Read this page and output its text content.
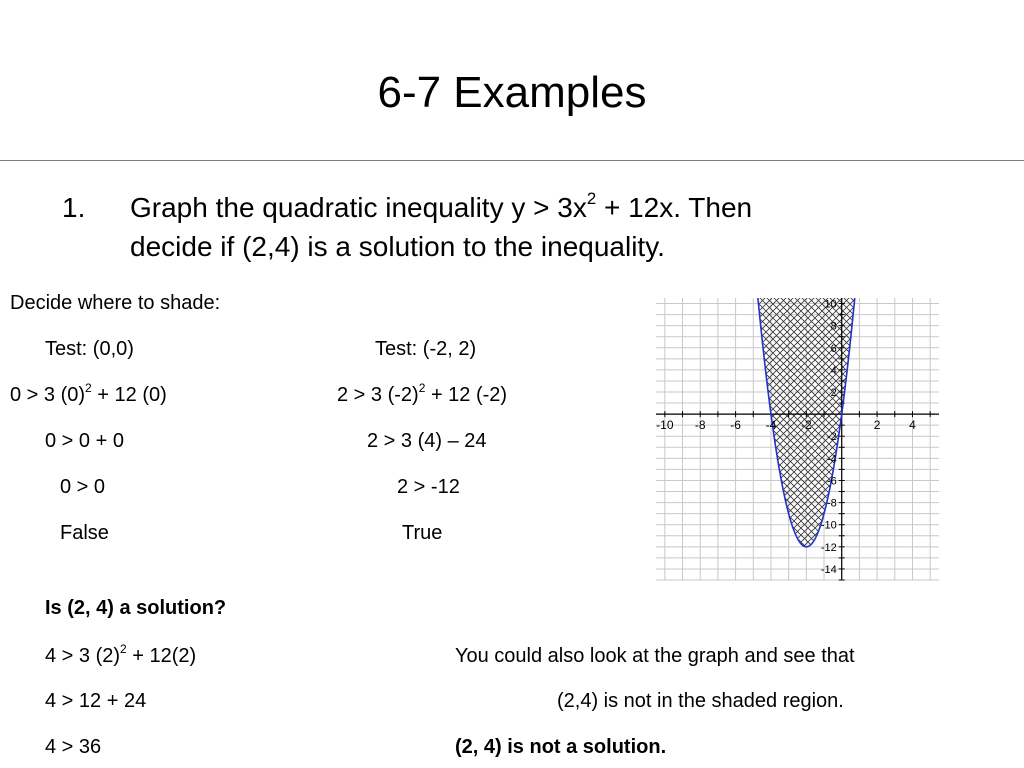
6-7 Examples
1. Graph the quadratic inequality $y > 3x^2 + 12x$. Then
decide if (2,4) is a solution to the inequality.
Decide where to shade:
Test: (0,0)
0 > 3 $(0)^2 + 12$ (0)
0 > 0 + 0
0 > 0
False
Test: (-2, 2)
2 > 3 $(-2)^2 + 12$ (-2)
2 > 3 (4) – 24
2 > -12
True
Is (2, 4) a solution?
4 > 3 $(2)^2 + 12(2)$
4 > 12 + 24
4 > 36
You could also look at the graph and see that
(2,4) is not in the shaded region.
(2, 4) is not a solution.
-10 -8 -6 -4 -2	2 4
10
8
6
4
2
-2
-4
-6
-8
-10
-12
-14
